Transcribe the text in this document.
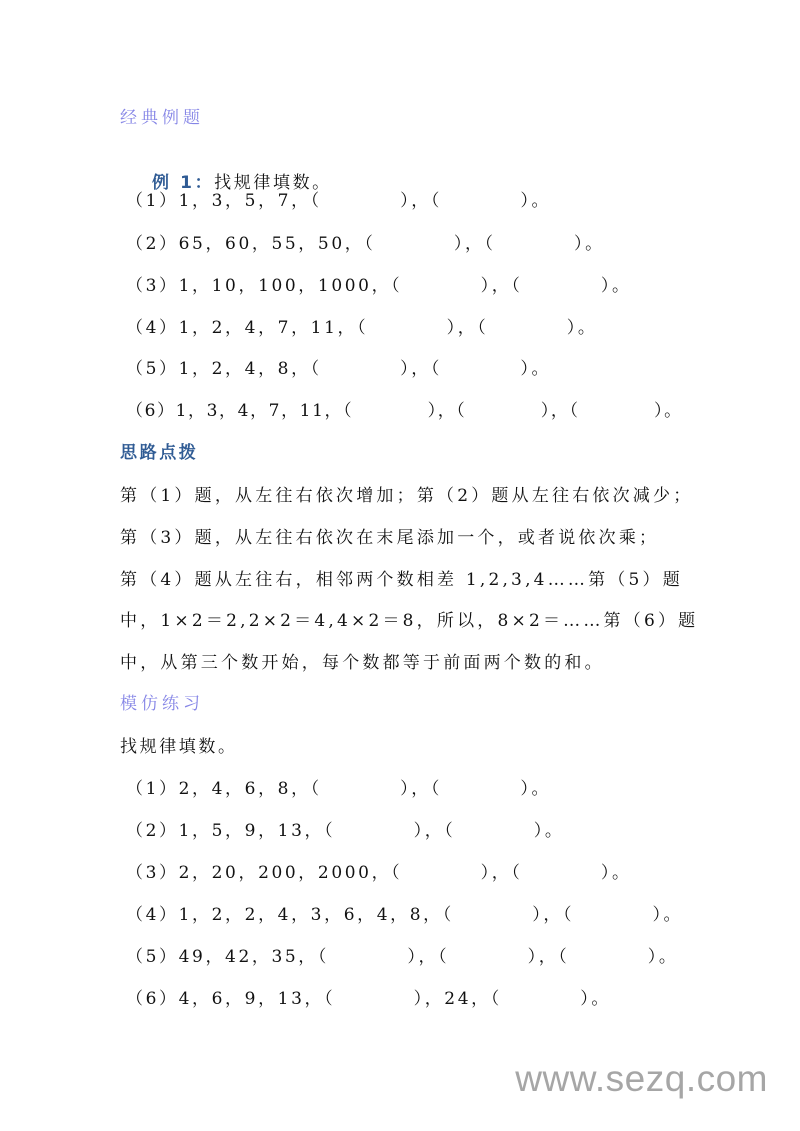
经典例题

例 1：找规律填数。

（1）1，3，5，7，（　　　　），（　　　　）。
（2）65，60，55，50，（　　　　），（　　　　）。
（3）1，10，100，1000，（　　　　），（　　　　）。
（4）1，2，4，7，11，（　　　　），（　　　　）。
（5）1，2，4，8，（　　　　），（　　　　）。
（6）1，3，4，7，11，（　　　　），（　　　　），（　　　　）。
思路点拨
第（1）题，从左往右依次增加；第（2）题从左往右依次减少；
第（3）题，从左往右依次在末尾添加一个，或者说依次乘；
第（4）题从左往右，相邻两个数相差 1,2,3,4……第（5）题
中，1×2＝2,2×2＝4,4×2＝8，所以，8×2＝……第（6）题
中，从第三个数开始，每个数都等于前面两个数的和。
模仿练习
找规律填数。
（1）2，4，6，8，（　　　　），（　　　　）。
（2）1，5，9，13，（　　　　），（　　　　）。
（3）2，20，200，2000，（　　　　），（　　　　）。
（4）1，2，2，4，3，6，4，8，（　　　　），（　　　　）。
（5）49，42，35，（　　　　），（　　　　），（　　　　）。
（6）4，6，9，13，（　　　　），24，（　　　　）。
www.sezq.com
